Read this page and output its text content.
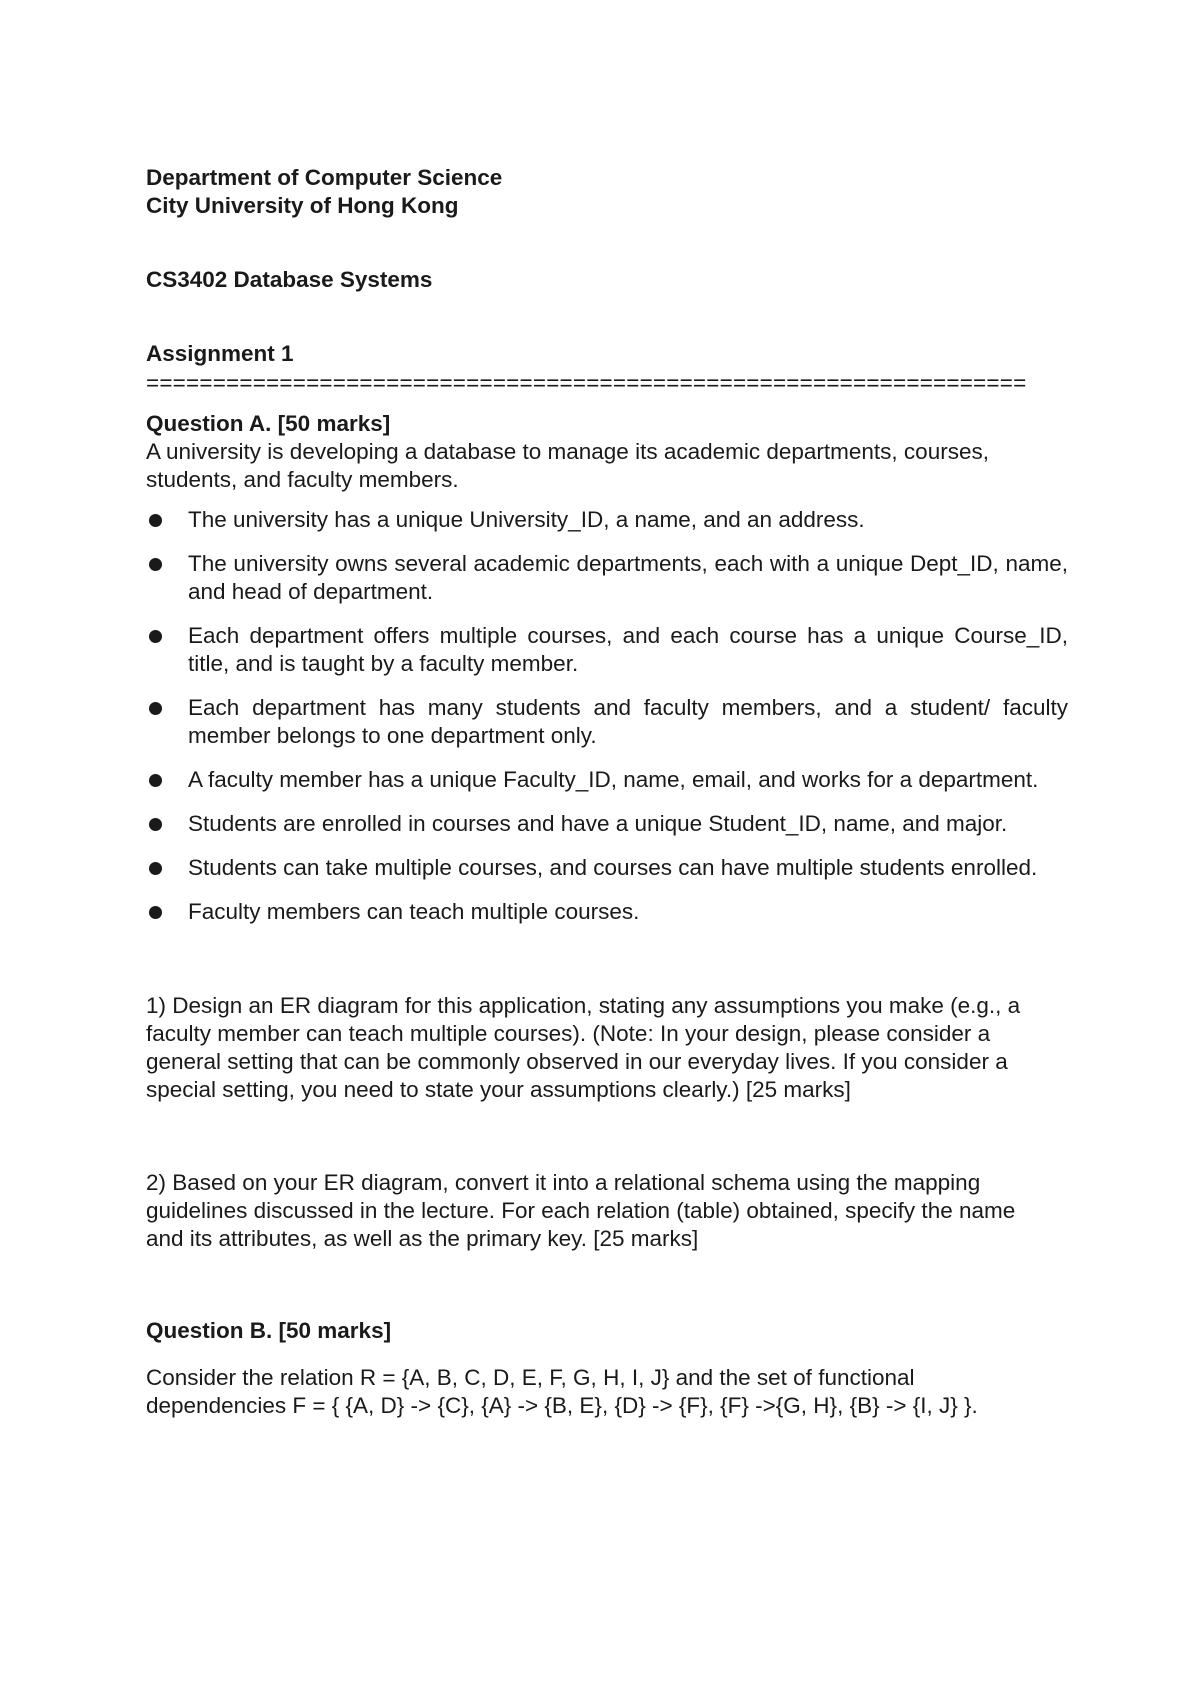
Department of Computer Science
City University of Hong Kong
CS3402 Database Systems
Assignment 1
==================================================================
Question A. [50 marks]
A university is developing a database to manage its academic departments, courses, students, and faculty members.
The university has a unique University_ID, a name, and an address.
The university owns several academic departments, each with a unique Dept_ID, name, and head of department.
Each department offers multiple courses, and each course has a unique Course_ID, title, and is taught by a faculty member.
Each department has many students and faculty members, and a student/ faculty member belongs to one department only.
A faculty member has a unique Faculty_ID, name, email, and works for a department.
Students are enrolled in courses and have a unique Student_ID, name, and major.
Students can take multiple courses, and courses can have multiple students enrolled.
Faculty members can teach multiple courses.
1) Design an ER diagram for this application, stating any assumptions you make (e.g., a faculty member can teach multiple courses). (Note: In your design, please consider a general setting that can be commonly observed in our everyday lives. If you consider a special setting, you need to state your assumptions clearly.) [25 marks]
2) Based on your ER diagram, convert it into a relational schema using the mapping guidelines discussed in the lecture. For each relation (table) obtained, specify the name and its attributes, as well as the primary key. [25 marks]
Question B. [50 marks]
Consider the relation R = {A, B, C, D, E, F, G, H, I, J} and the set of functional dependencies F = { {A, D} -> {C}, {A} -> {B, E}, {D} -> {F}, {F} ->{G, H}, {B} -> {I, J} }.
